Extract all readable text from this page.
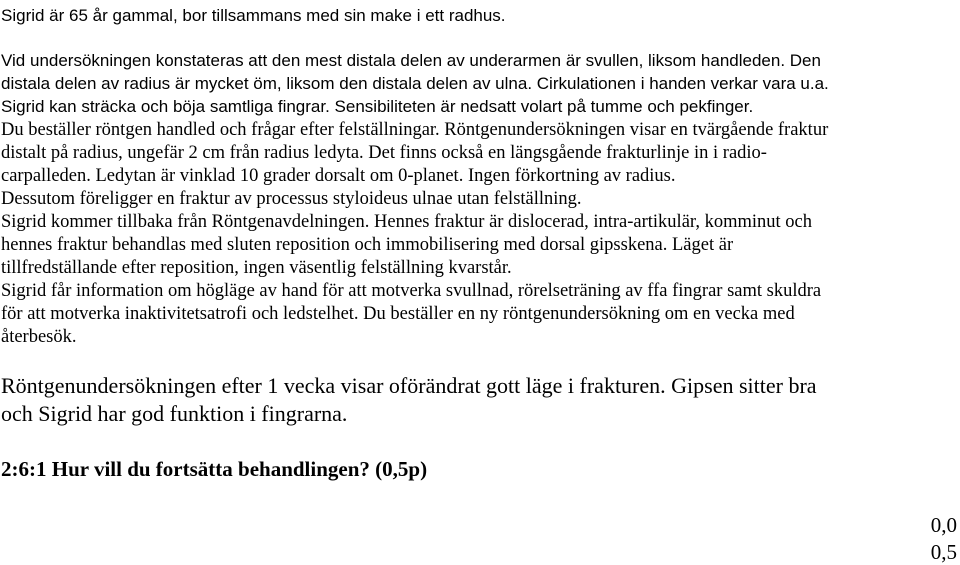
Sigrid är 65 år gammal, bor tillsammans med sin make i ett radhus.
Vid undersökningen konstateras att den mest distala delen av underarmen är svullen, liksom handleden. Den
distala delen av radius är mycket öm, liksom den distala delen av ulna. Cirkulationen i handen verkar vara u.a.
Sigrid kan sträcka och böja samtliga fingrar. Sensibiliteten är nedsatt volart på tumme och pekfinger.
Du beställer röntgen handled och frågar efter felställningar. Röntgenundersökningen visar en tvärgående fraktur
distalt på radius, ungefär 2 cm från radius ledyta. Det finns också en längsgående frakturlinje in i radio-
carpalleden. Ledytan är vinklad 10 grader dorsalt om 0-planet. Ingen förkortning av radius.
Dessutom föreligger en fraktur av processus styloideus ulnae utan felställning.
Sigrid kommer tillbaka från Röntgenavdelningen. Hennes fraktur är dislocerad, intra-artikulär, komminut och
hennes fraktur behandlas med sluten reposition och immobilisering med dorsal gipsskena. Läget är
tillfredställande efter reposition, ingen väsentlig felställning kvarstår.
Sigrid får information om högläge av hand för att motverka svullnad, rörelseträning av ffa fingrar samt skuldra
för att motverka inaktivitetsatrofi och ledstelhet. Du beställer en ny röntgenundersökning om en vecka med
återbesök.
Röntgenundersökningen efter 1 vecka visar oförändrat gott läge i frakturen. Gipsen sitter bra
och Sigrid har god funktion i fingrarna.
2:6:1 Hur vill du fortsätta behandlingen? (0,5p)
0,0
0,5
